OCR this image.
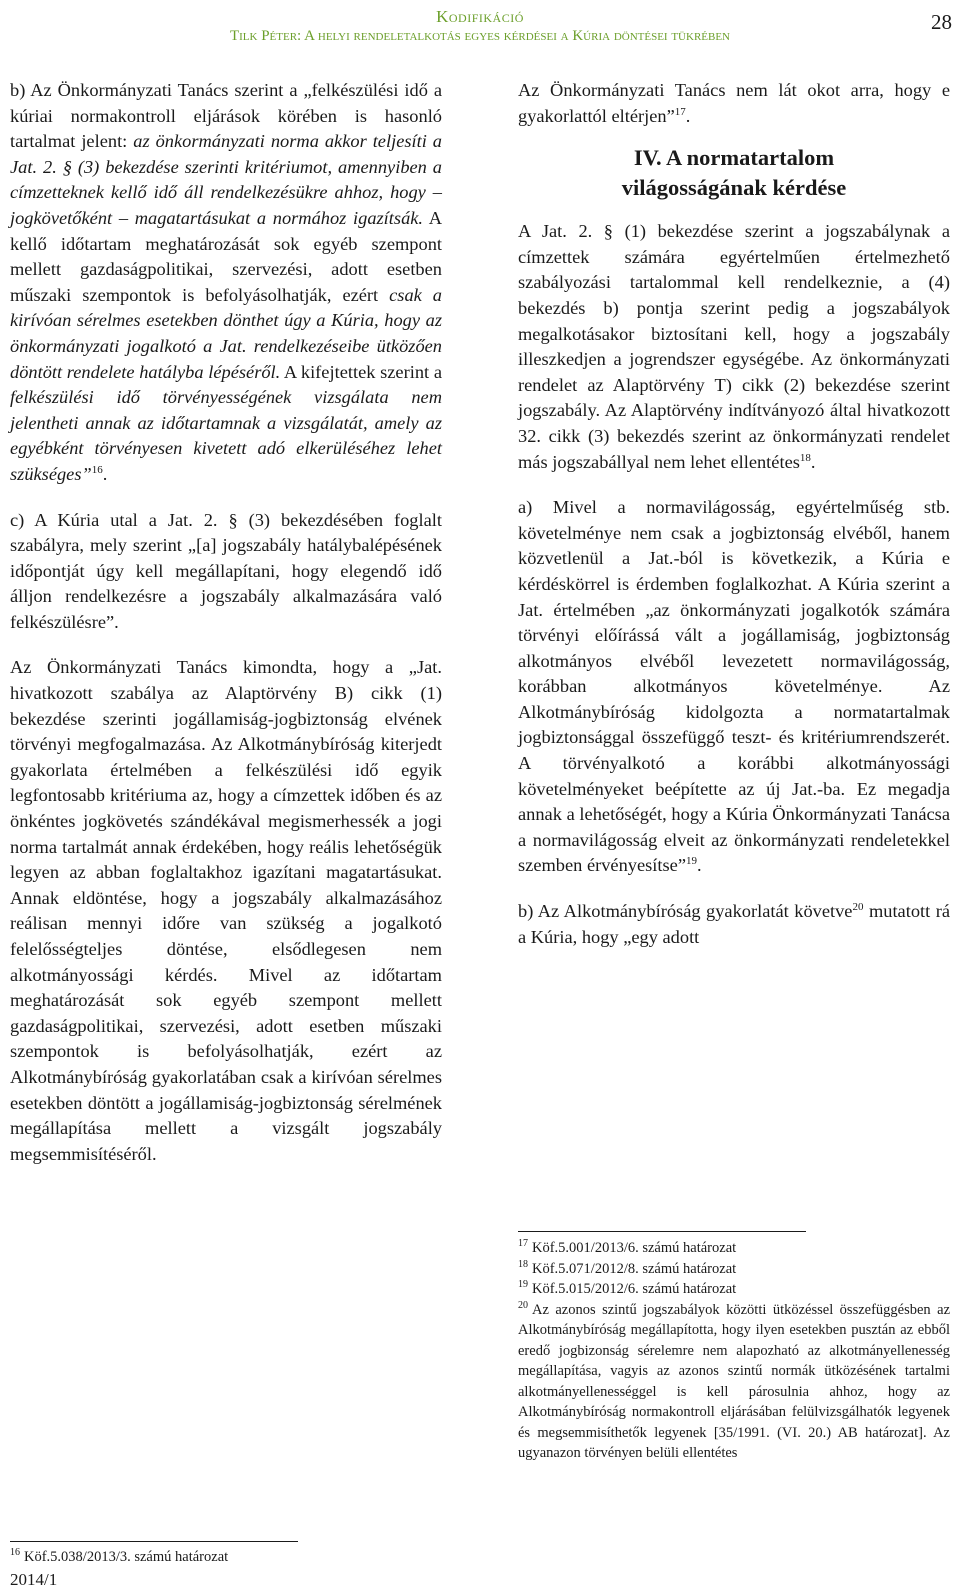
Kodifikáció
Tilk Péter: A helyi rendeletalkotás egyes kérdései a Kúria döntései tükrében
28

b) Az Önkormányzati Tanács szerint a „felkészülési idő a kúriai normakontroll eljárások körében is hasonló tartalmat jelent: az önkormányzati norma akkor teljesíti a Jat. 2. § (3) bekezdése szerinti kritériumot, amennyiben a címzetteknek kellő idő áll rendelkezésükre ahhoz, hogy – jogkövetőként – magatartásukat a normához igazítsák. A kellő időtartam meghatározását sok egyéb szempont mellett gazdaságpolitikai, szervezési, adott esetben műszaki szempontok is befolyásolhatják, ezért csak a kirívóan sérelmes esetekben dönthet úgy a Kúria, hogy az önkormányzati jogalkotó a Jat. rendelkezéseibe ütközően döntött rendelete hatályba lépéséről. A kifejtettek szerint a felkészülési idő törvényességének vizsgálata nem jelentheti annak az időtartamnak a vizsgálatát, amely az egyébként törvényesen kivetett adó elkerüléséhez lehet szükséges”$^{16}$.

c) A Kúria utal a Jat. 2. § (3) bekezdésében foglalt szabályra, mely szerint „[a] jogszabály hatálybalépésének időpontját úgy kell megállapítani, hogy elegendő idő álljon rendelkezésre a jogszabály alkalmazására való felkészülésre”.

Az Önkormányzati Tanács kimondta, hogy a „Jat. hivatkozott szabálya az Alaptörvény B) cikk (1) bekezdése szerinti jogállamiság-jogbiztonság elvének törvényi megfogalmazása. Az Alkotmánybíróság kiterjedt gyakorlata értelmében a felkészülési idő egyik legfontosabb kritériuma az, hogy a címzettek időben és az önkéntes jogkövetés szándékával megismerhessék a jogi norma tartalmát annak érdekében, hogy reális lehetőségük legyen az abban foglaltakhoz igazítani magatartásukat. Annak eldöntése, hogy a jogszabály alkalmazásához reálisan mennyi időre van szükség a jogalkotó felelősségteljes döntése, elsődlegesen nem alkotmányossági kérdés. Mivel az időtartam meghatározását sok egyéb szempont mellett gazdaságpolitikai, szervezési, adott esetben műszaki szempontok is befolyásolhatják, ezért az Alkotmánybíróság gyakorlatában csak a kirívóan sérelmes esetekben döntött a jogállamiság-jogbiztonság sérelmének megállapítása mellett a vizsgált jogszabály megsemmisítéséről.

Az Önkormányzati Tanács nem lát okot arra, hogy e gyakorlattól eltérjen”$^{17}$.

IV. A normatartalom
világosságának kérdése

A Jat. 2. § (1) bekezdése szerint a jogszabálynak a címzettek számára egyértelműen értelmezhető szabályozási tartalommal kell rendelkeznie, a (4) bekezdés b) pontja szerint pedig a jogszabályok megalkotásakor biztosítani kell, hogy a jogszabály illeszkedjen a jogrendszer egységébe. Az önkormányzati rendelet az Alaptörvény T) cikk (2) bekezdése szerint jogszabály. Az Alaptörvény indítványozó által hivatkozott 32. cikk (3) bekezdés szerint az önkormányzati rendelet más jogszabállyal nem lehet ellentétes$^{18}$.

a) Mivel a normavilágosság, egyértelműség stb. követelménye nem csak a jogbiztonság elvéből, hanem közvetlenül a Jat.-ból is következik, a Kúria e kérdéskörrel is érdemben foglalkozhat. A Kúria szerint a Jat. értelmében „az önkormányzati jogalkotók számára törvényi előírássá vált a jogállamiság, jogbiztonság alkotmányos elvéből levezetett normavilágosság, korábban alkotmányos követelménye. Az Alkotmánybíróság kidolgozta a normatartalmak jogbiztonsággal összefüggő teszt- és kritériumrendszerét. A törvényalkotó a korábbi alkotmányossági követelményeket beépítette az új Jat.-ba. Ez megadja annak a lehetőségét, hogy a Kúria Önkormányzati Tanácsa a normavilágosság elveit az önkormányzati rendeletekkel szemben érvényesítse”$^{19}$.

b) Az Alkotmánybíróság gyakorlatát követve$^{20}$ mutatott rá a Kúria, hogy „egy adott

$^{17}$ Köf.5.001/2013/6. számú határozat

$^{18}$ Köf.5.071/2012/8. számú határozat

$^{19}$ Köf.5.015/2012/6. számú határozat

$^{20}$ Az azonos szintű jogszabályok közötti ütközéssel összefüggésben az Alkotmánybíróság megállapította, hogy ilyen esetekben pusztán az ebből eredő jogbizonság sérelemre nem alapozható az alkotmányellenesség megállapítása, vagyis az azonos szintű normák ütközésének tartalmi alkotmányellenességgel is kell párosulnia ahhoz, hogy az Alkotmánybíróság normakontroll eljárásában felülvizsgálhatók legyenek és megsemmisíthetők legyenek [35/1991. (VI. 20.) AB határozat]. Az ugyanazon törvényen belüli ellentétes

$^{16}$ Köf.5.038/2013/3. számú határozat

2014/1
